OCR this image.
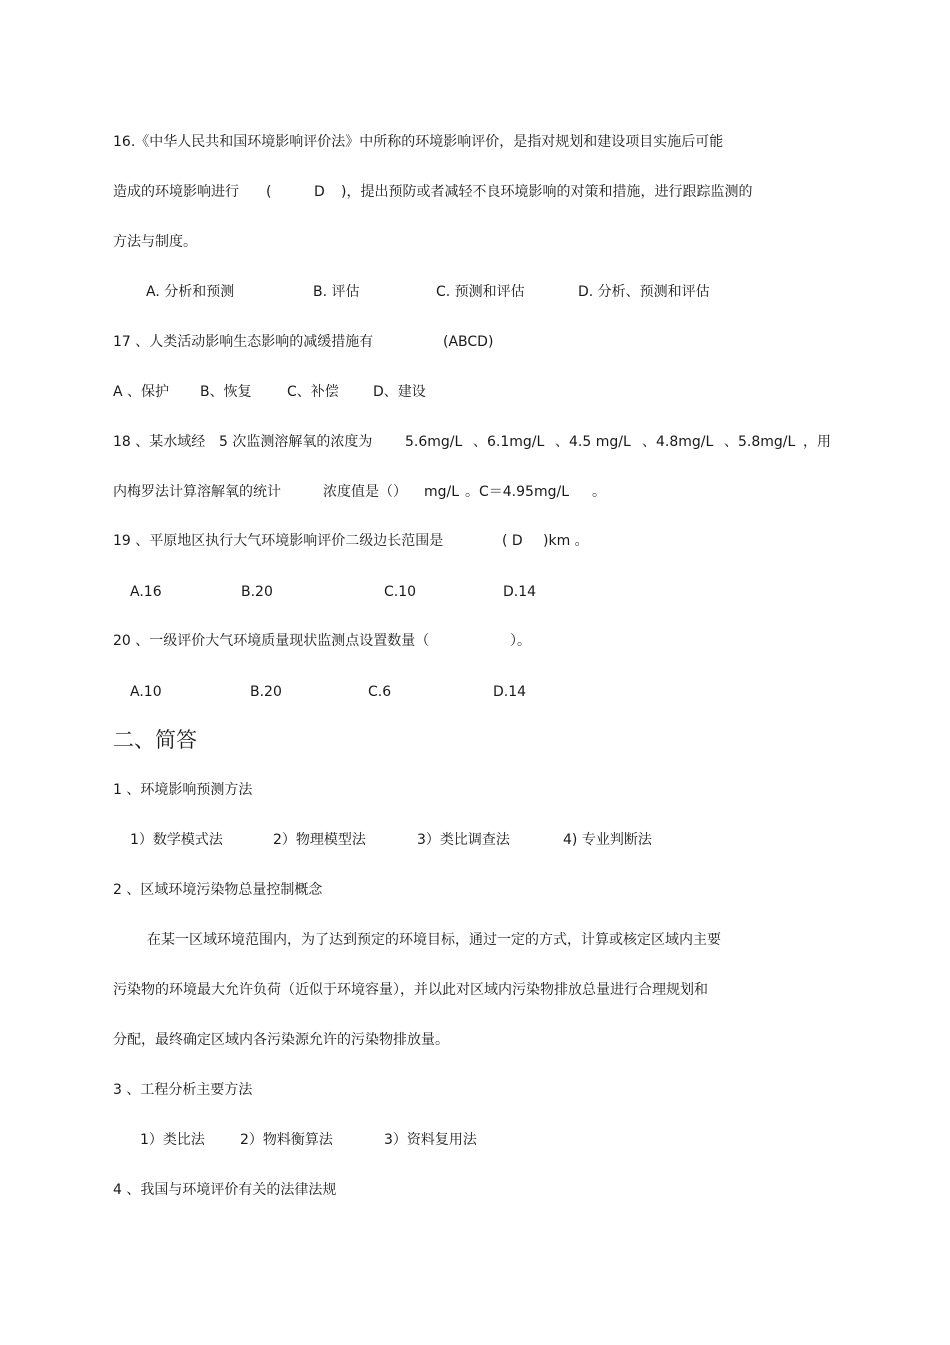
16.《中华人民共和国环境影响评价法》中所称的环境影响评价，是指对规划和建设项目实施后可能
造成的环境影响进行 (	D )，提出预防或者减轻不良环境影响的对策和措施，进行跟踪监测的
方法与制度。
A. 分析和预测	B. 评估	C. 预测和评估	D. 分析、预测和评估
17 、人类活动影响生态影响的减缓措施有	(ABCD)
A 、保护 B、恢复	C、补偿 D、建设
18 、某水域经 5 次监测溶解氧的浓度为 5.6mg/L 、6.1mg/L 、4.5 mg/L 、4.8mg/L 、5.8mg/L ，用
内梅罗法计算溶解氧的统计	浓度值是（） mg/L 。C＝4.95mg/L 。
19 、平原地区执行大气环境影响评价二级边长范围是	( D )km 。
A.16	B.20	C.10	D.14
20 、一级评价大气环境质量现状监测点设置数量（	）。
A.10	B.20	C.6	D.14
二、简答
1 、环境影响预测方法
1）数学模式法	2）物理模型法	3）类比调查法	4) 专业判断法
2 、区域环境污染物总量控制概念
在某一区域环境范围内，为了达到预定的环境目标，通过一定的方式，计算或核定区域内主要
污染物的环境最大允许负荷（近似于环境容量），并以此对区域内污染物排放总量进行合理规划和
分配，最终确定区域内各污染源允许的污染物排放量。
3 、工程分析主要方法
1）类比法	2）物料衡算法	3）资料复用法
4 、我国与环境评价有关的法律法规
